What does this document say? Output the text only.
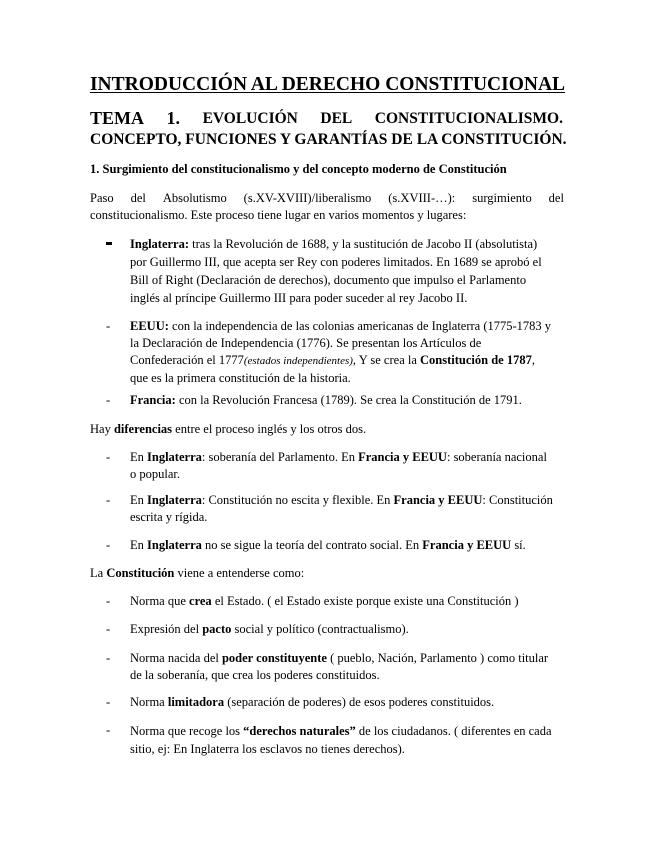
INTRODUCCIÓN AL DERECHO CONSTITUCIONAL
TEMA 1. EVOLUCIÓN DEL CONSTITUCIONALISMO.
CONCEPTO, FUNCIONES Y GARANTÍAS DE LA CONSTITUCIÓN.
1. Surgimiento del constitucionalismo y del concepto moderno de Constitución
Paso del Absolutismo (s.XV-XVIII)/liberalismo (s.XVIII-…): surgimiento del
constitucionalismo. Este proceso tiene lugar en varios momentos y lugares:
Inglaterra: tras la Revolución de 1688, y la sustitución de Jacobo II (absolutista)
por Guillermo III, que acepta ser Rey con poderes limitados. En 1689 se aprobó el
Bill of Right (Declaración de derechos), documento que impulso el Parlamento
inglés al príncipe Guillermo III para poder suceder al rey Jacobo II.
-	EEUU: con la independencia de las colonias americanas de Inglaterra (1775-1783 y
la Declaración de Independencia (1776). Se presentan los Artículos de
Confederación el 1777(estados independientes), Y se crea la Constitución de 1787,
que es la primera constitución de la historia.
-	Francia: con la Revolución Francesa (1789). Se crea la Constitución de 1791.
Hay diferencias entre el proceso inglés y los otros dos.
-	En Inglaterra: soberanía del Parlamento. En Francia y EEUU: soberanía nacional
o popular.
-	En Inglaterra: Constitución no escita y flexible. En Francia y EEUU: Constitución
escrita y rígida.
-	En Inglaterra no se sigue la teoría del contrato social. En Francia y EEUU sí.
La Constitución viene a entenderse como:
-	Norma que crea el Estado. ( el Estado existe porque existe una Constitución )
-	Expresión del pacto social y político (contractualismo).
-	Norma nacida del poder constituyente ( pueblo, Nación, Parlamento ) como titular
de la soberanía, que crea los poderes constituidos.
-	Norma limitadora (separación de poderes) de esos poderes constituidos.
-	Norma que recoge los “derechos naturales” de los ciudadanos. ( diferentes en cada
sitio, ej: En Inglaterra los esclavos no tienes derechos).
